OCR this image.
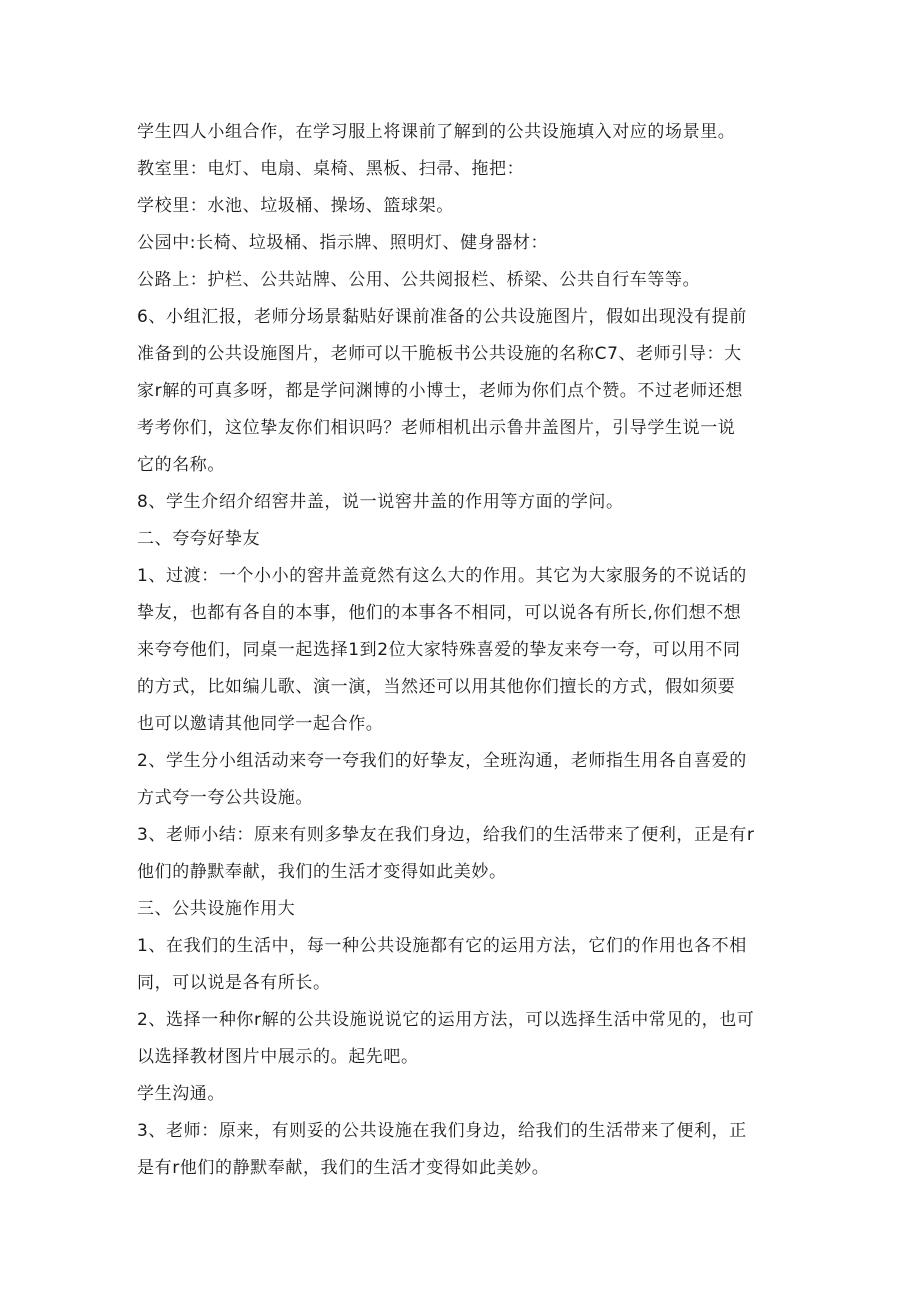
学生四人小组合作，在学习服上将课前了解到的公共设施填入对应的场景里。
教室里：电灯、电扇、桌椅、黑板、扫帚、拖把：
学校里：水池、垃圾桶、操场、篮球架。
公园中:长椅、垃圾桶、指示牌、照明灯、健身器材：
公路上：护栏、公共站牌、公用、公共阅报栏、桥梁、公共自行车等等。
6、小组汇报，老师分场景黏贴好课前准备的公共设施图片，假如出现没有提前
准备到的公共设施图片，老师可以干脆板书公共设施的名称C7、老师引导：大
家r解的可真多呀，都是学问渊博的小博士，老师为你们点个赞。不过老师还想
考考你们，这位挚友你们相识吗？老师相机出示鲁井盖图片，引导学生说一说
它的名称。
8、学生介绍介绍窖井盖，说一说窖井盖的作用等方面的学问。
二、夸夸好挚友
1、过渡：一个小小的窖井盖竟然有这么大的作用。其它为大家服务的不说话的
挚友，也都有各自的本事，他们的本事各不相同，可以说各有所长,你们想不想
来夸夸他们，同桌一起选择1到2位大家特殊喜爱的挚友来夸一夸，可以用不同
的方式，比如编儿歌、演一演，当然还可以用其他你们擅长的方式，假如须要
也可以邀请其他同学一起合作。
2、学生分小组活动来夸一夸我们的好挚友，全班沟通，老师指生用各自喜爱的
方式夸一夸公共设施。
3、老师小结：原来有则多挚友在我们身边，给我们的生活带来了便利，正是有r
他们的静默奉献，我们的生活才变得如此美妙。
三、公共设施作用大
1、在我们的生活中，每一种公共设施都有它的运用方法，它们的作用也各不相
同，可以说是各有所长。
2、选择一种你r解的公共设施说说它的运用方法，可以选择生活中常见的，也可
以选择教材图片中展示的。起先吧。
学生沟通。
3、老师：原来，有则妥的公共设施在我们身边，给我们的生活带来了便利，正
是有r他们的静默奉献，我们的生活才变得如此美妙。
